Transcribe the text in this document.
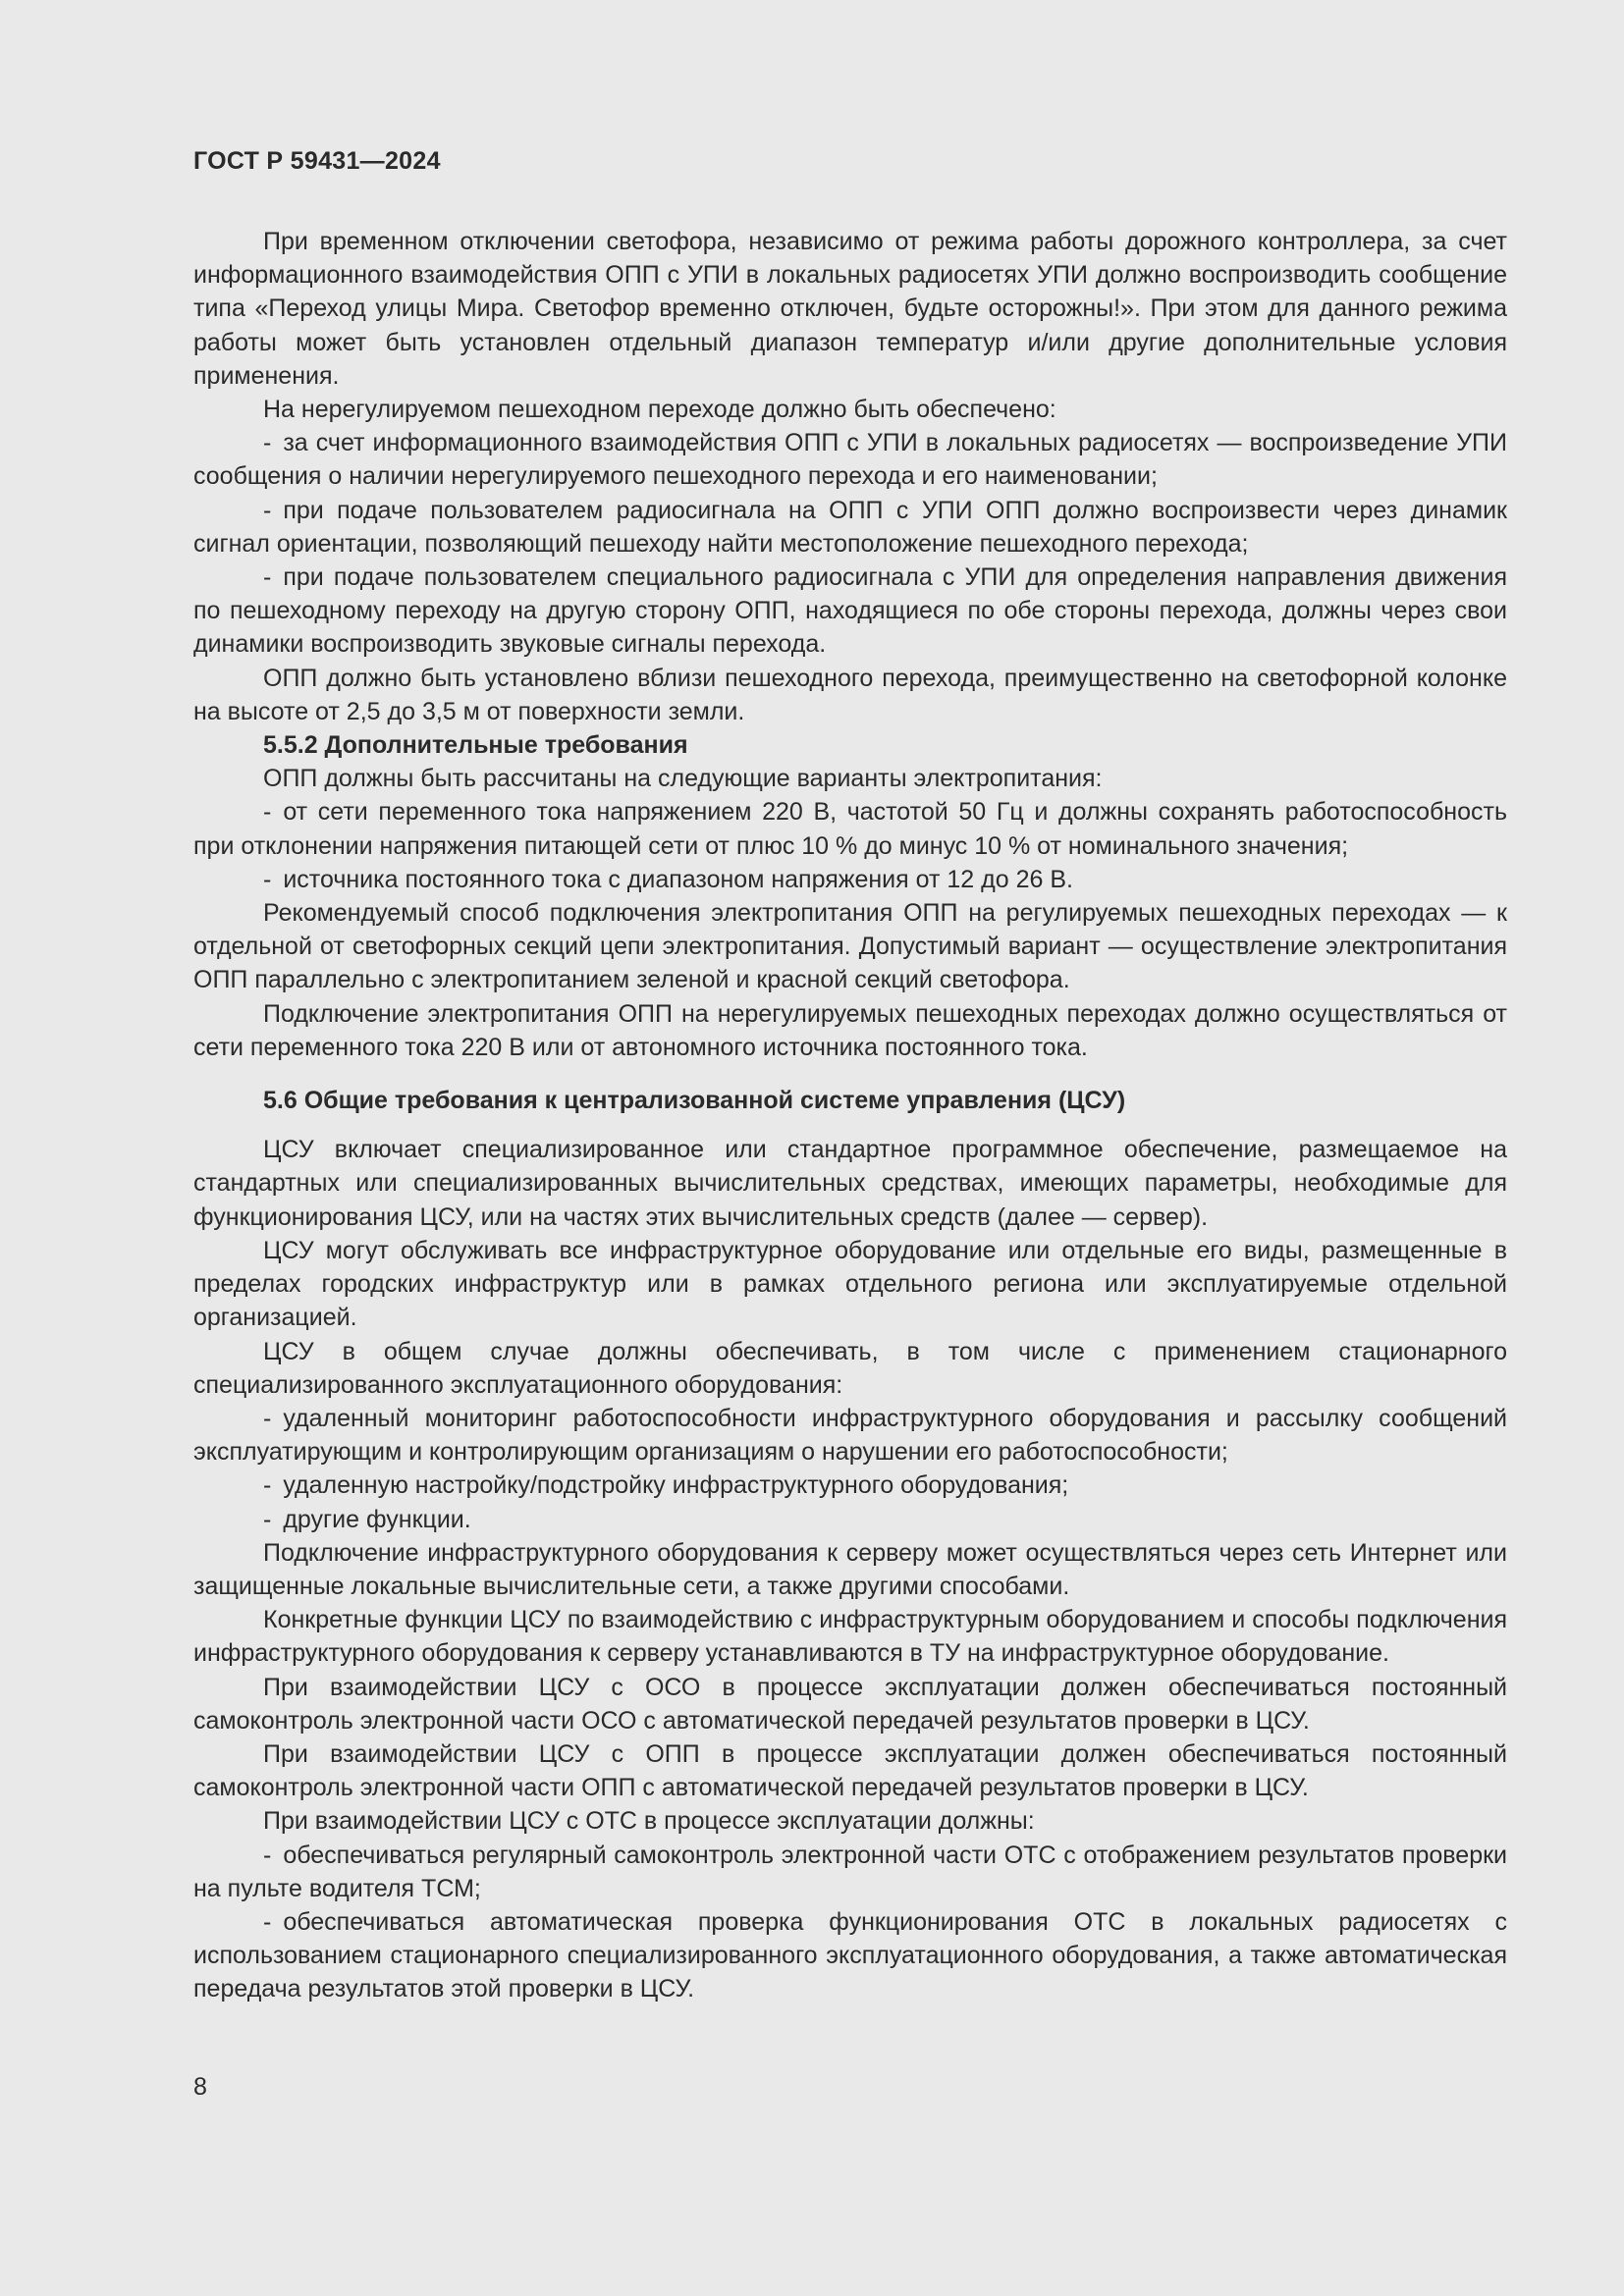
ГОСТ Р 59431—2024

При временном отключении светофора, независимо от режима работы дорожного контроллера, за счет информационного взаимодействия ОПП с УПИ в локальных радиосетях УПИ должно воспроизводить сообщение типа «Переход улицы Мира. Светофор временно отключен, будьте осторожны!». При этом для данного режима работы может быть установлен отдельный диапазон температур и/или другие дополнительные условия применения.

На нерегулируемом пешеходном переходе должно быть обеспечено:

- за счет информационного взаимодействия ОПП с УПИ в локальных радиосетях — воспроизведение УПИ сообщения о наличии нерегулируемого пешеходного перехода и его наименовании;

- при подаче пользователем радиосигнала на ОПП с УПИ ОПП должно воспроизвести через динамик сигнал ориентации, позволяющий пешеходу найти местоположение пешеходного перехода;

- при подаче пользователем специального радиосигнала с УПИ для определения направления движения по пешеходному переходу на другую сторону ОПП, находящиеся по обе стороны перехода, должны через свои динамики воспроизводить звуковые сигналы перехода.

ОПП должно быть установлено вблизи пешеходного перехода, преимущественно на светофорной колонке на высоте от 2,5 до 3,5 м от поверхности земли.

5.5.2 Дополнительные требования

ОПП должны быть рассчитаны на следующие варианты электропитания:

- от сети переменного тока напряжением 220 В, частотой 50 Гц и должны сохранять работоспособность при отклонении напряжения питающей сети от плюс 10 % до минус 10 % от номинального значения;

- источника постоянного тока с диапазоном напряжения от 12 до 26 В.

Рекомендуемый способ подключения электропитания ОПП на регулируемых пешеходных переходах — к отдельной от светофорных секций цепи электропитания. Допустимый вариант — осуществление электропитания ОПП параллельно с электропитанием зеленой и красной секций светофора.

Подключение электропитания ОПП на нерегулируемых пешеходных переходах должно осуществляться от сети переменного тока 220 В или от автономного источника постоянного тока.

5.6 Общие требования к централизованной системе управления (ЦСУ)

ЦСУ включает специализированное или стандартное программное обеспечение, размещаемое на стандартных или специализированных вычислительных средствах, имеющих параметры, необходимые для функционирования ЦСУ, или на частях этих вычислительных средств (далее — сервер).

ЦСУ могут обслуживать все инфраструктурное оборудование или отдельные его виды, размещенные в пределах городских инфраструктур или в рамках отдельного региона или эксплуатируемые отдельной организацией.

ЦСУ в общем случае должны обеспечивать, в том числе с применением стационарного специализированного эксплуатационного оборудования:

- удаленный мониторинг работоспособности инфраструктурного оборудования и рассылку сообщений эксплуатирующим и контролирующим организациям о нарушении его работоспособности;

- удаленную настройку/подстройку инфраструктурного оборудования;

- другие функции.

Подключение инфраструктурного оборудования к серверу может осуществляться через сеть Интернет или защищенные локальные вычислительные сети, а также другими способами.

Конкретные функции ЦСУ по взаимодействию с инфраструктурным оборудованием и способы подключения инфраструктурного оборудования к серверу устанавливаются в ТУ на инфраструктурное оборудование.

При взаимодействии ЦСУ с ОСО в процессе эксплуатации должен обеспечиваться постоянный самоконтроль электронной части ОСО с автоматической передачей результатов проверки в ЦСУ.

При взаимодействии ЦСУ с ОПП в процессе эксплуатации должен обеспечиваться постоянный самоконтроль электронной части ОПП с автоматической передачей результатов проверки в ЦСУ.

При взаимодействии ЦСУ с ОТС в процессе эксплуатации должны:

- обеспечиваться регулярный самоконтроль электронной части ОТС с отображением результатов проверки на пульте водителя ТСМ;

- обеспечиваться автоматическая проверка функционирования ОТС в локальных радиосетях с использованием стационарного специализированного эксплуатационного оборудования, а также автоматическая передача результатов этой проверки в ЦСУ.

8
